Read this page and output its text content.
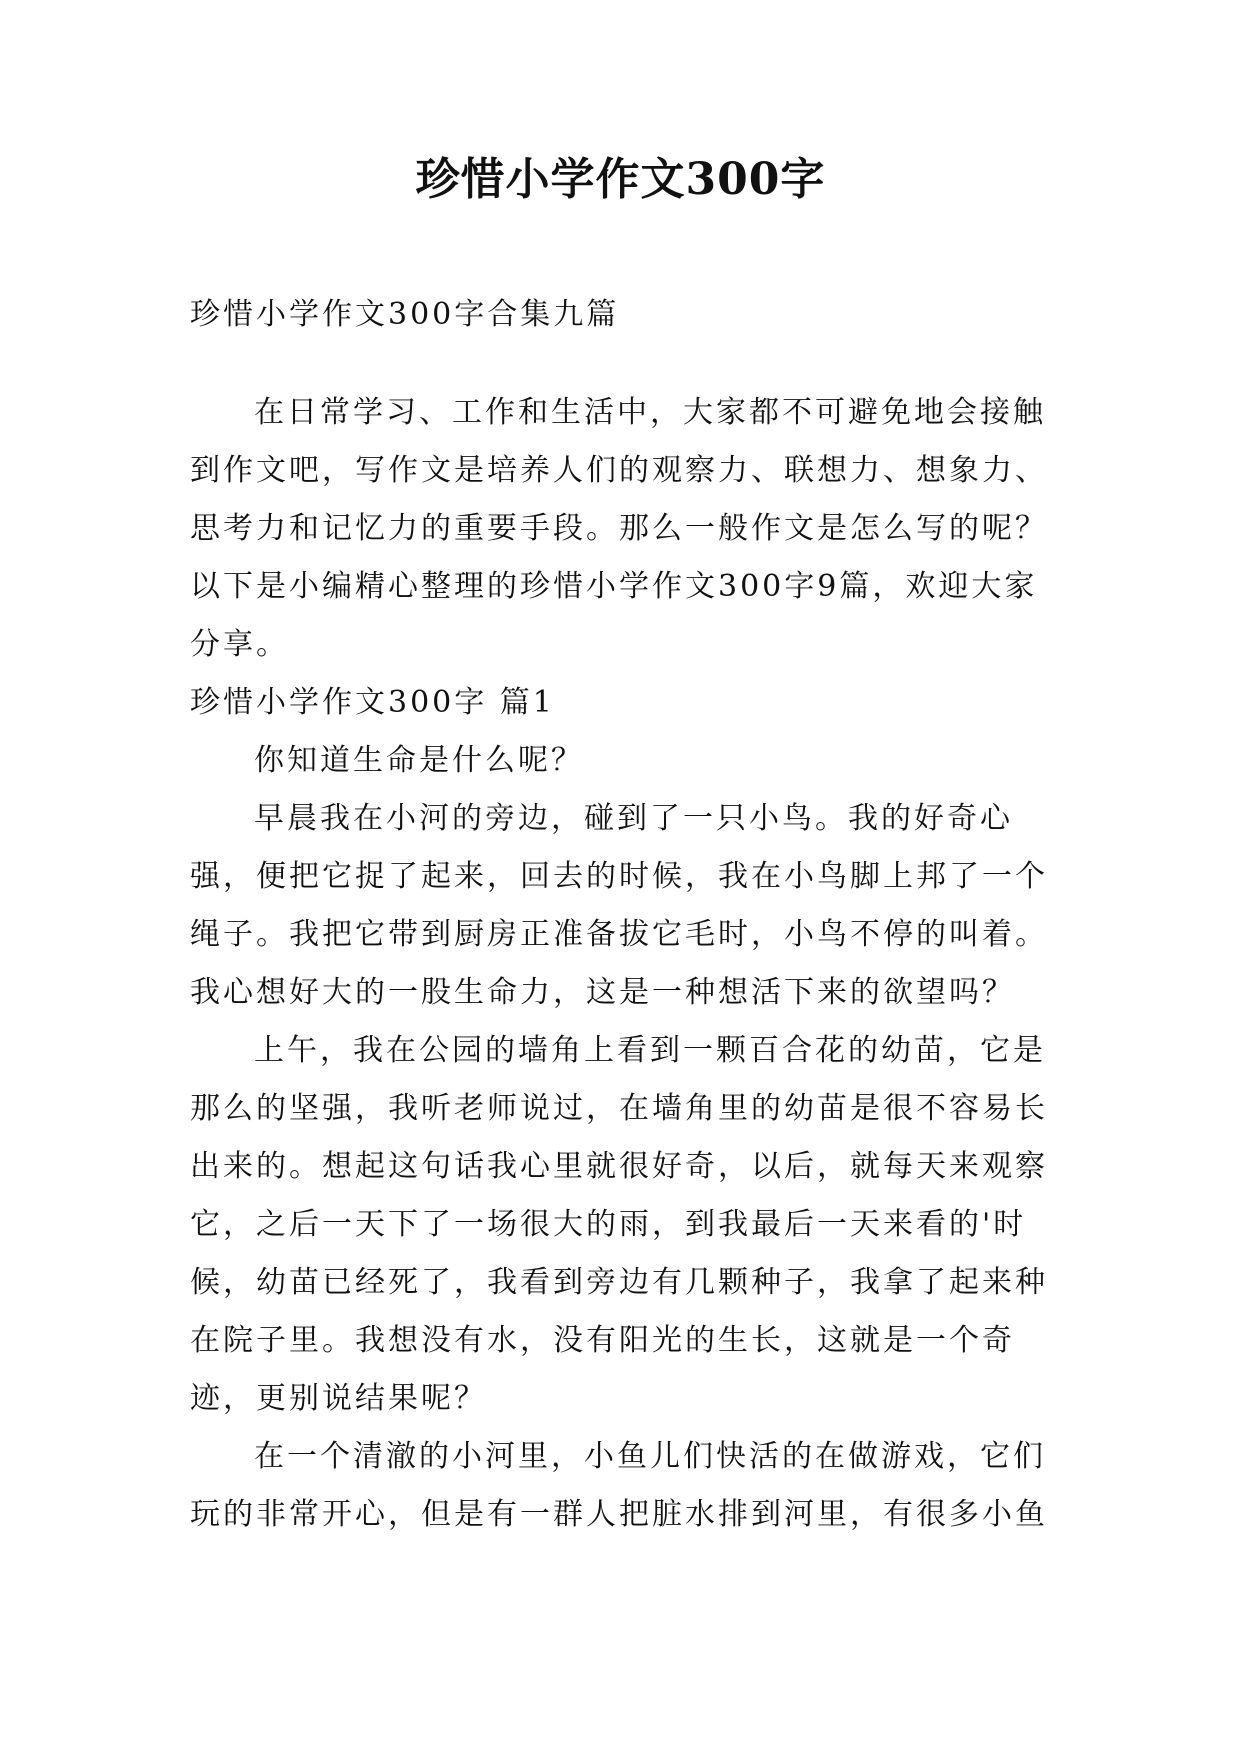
珍惜小学作文300字

珍惜小学作文300字合集九篇

在日常学习、工作和生活中，大家都不可避免地会接触到作文吧，写作文是培养人们的观察力、联想力、想象力、思考力和记忆力的重要手段。那么一般作文是怎么写的呢？以下是小编精心整理的珍惜小学作文300字9篇，欢迎大家分享。

珍惜小学作文300字 篇1

你知道生命是什么呢？

早晨我在小河的旁边，碰到了一只小鸟。我的好奇心强，便把它捉了起来，回去的时候，我在小鸟脚上邦了一个绳子。我把它带到厨房正准备拔它毛时，小鸟不停的叫着。我心想好大的一股生命力，这是一种想活下来的欲望吗？

上午，我在公园的墙角上看到一颗百合花的幼苗，它是那么的坚强，我听老师说过，在墙角里的幼苗是很不容易长出来的。想起这句话我心里就很好奇，以后，就每天来观察它，之后一天下了一场很大的雨，到我最后一天来看的'时候，幼苗已经死了，我看到旁边有几颗种子，我拿了起来种在院子里。我想没有水，没有阳光的生长，这就是一个奇迹，更别说结果呢？

在一个清澈的小河里，小鱼儿们快活的在做游戏，它们玩的非常开心，但是有一群人把脏水排到河里，有很多小鱼
